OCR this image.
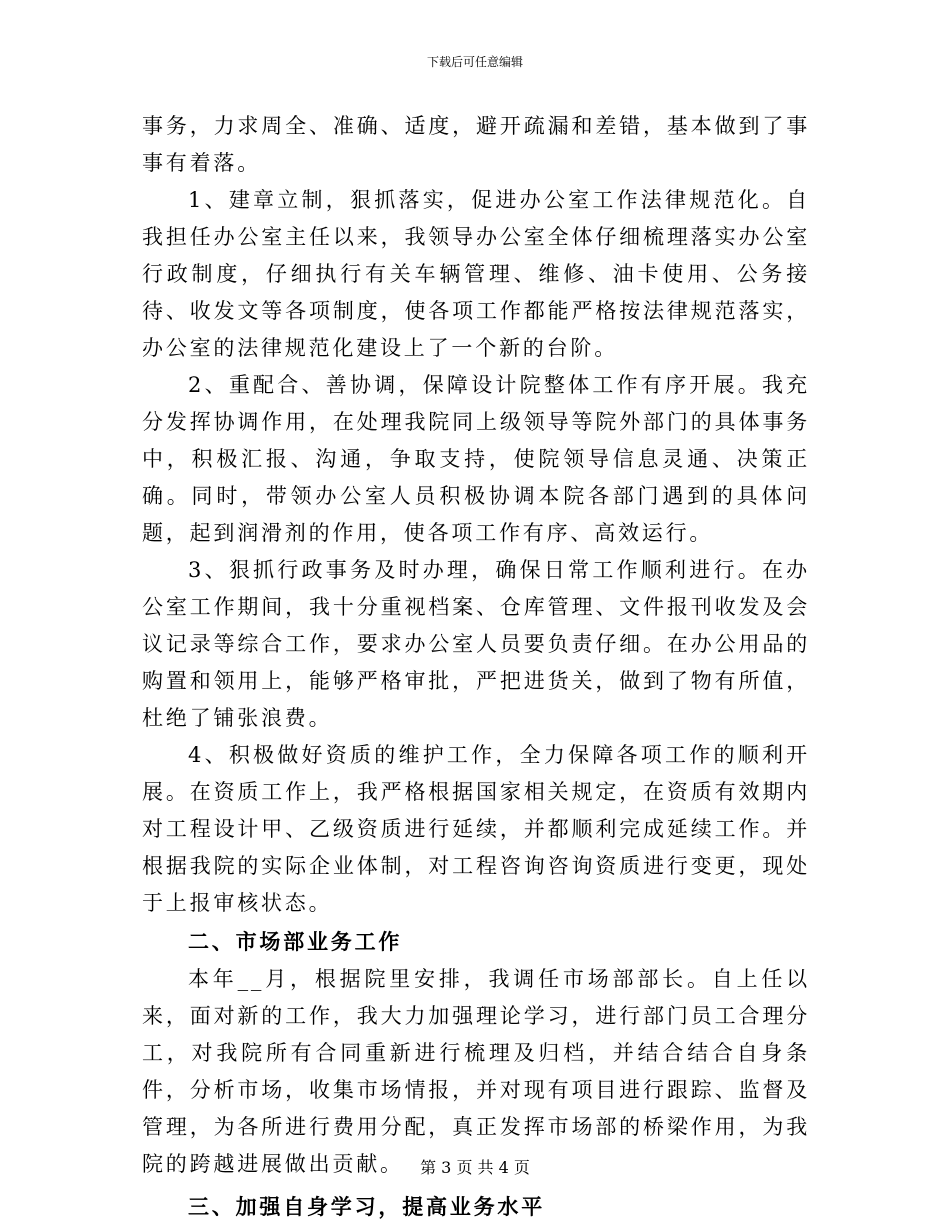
下载后可任意编辑

事务，力求周全、准确、适度，避开疏漏和差错，基本做到了事事有着落。

1、建章立制，狠抓落实，促进办公室工作法律规范化。自我担任办公室主任以来，我领导办公室全体仔细梳理落实办公室行政制度，仔细执行有关车辆管理、维修、油卡使用、公务接待、收发文等各项制度，使各项工作都能严格按法律规范落实，办公室的法律规范化建设上了一个新的台阶。

2、重配合、善协调，保障设计院整体工作有序开展。我充分发挥协调作用，在处理我院同上级领导等院外部门的具体事务中，积极汇报、沟通，争取支持，使院领导信息灵通、决策正确。同时，带领办公室人员积极协调本院各部门遇到的具体问题，起到润滑剂的作用，使各项工作有序、高效运行。

3、狠抓行政事务及时办理，确保日常工作顺利进行。在办公室工作期间，我十分重视档案、仓库管理、文件报刊收发及会议记录等综合工作，要求办公室人员要负责仔细。在办公用品的购置和领用上，能够严格审批，严把进货关，做到了物有所值，杜绝了铺张浪费。

4、积极做好资质的维护工作，全力保障各项工作的顺利开展。在资质工作上，我严格根据国家相关规定，在资质有效期内对工程设计甲、乙级资质进行延续，并都顺利完成延续工作。并根据我院的实际企业体制，对工程咨询咨询资质进行变更，现处于上报审核状态。

二、市场部业务工作

本年__月，根据院里安排，我调任市场部部长。自上任以来，面对新的工作，我大力加强理论学习，进行部门员工合理分工，对我院所有合同重新进行梳理及归档，并结合结合自身条件，分析市场，收集市场情报，并对现有项目进行跟踪、监督及管理，为各所进行费用分配，真正发挥市场部的桥梁作用，为我院的跨越进展做出贡献。

三、加强自身学习，提高业务水平

第 3 页 共 4 页
